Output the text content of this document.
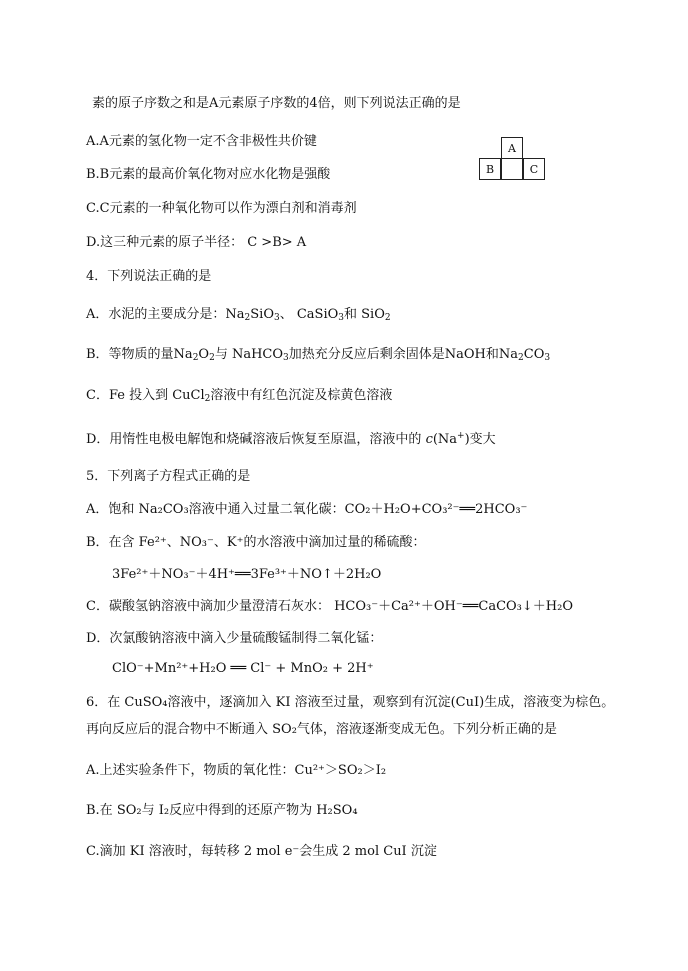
素的原子序数之和是A元素原子序数的4倍，则下列说法正确的是
A.A元素的氢化物一定不含非极性共价键
B.B元素的最高价氧化物对应水化物是强酸
C.C元素的一种氧化物可以作为漂白剂和消毒剂
D.这三种元素的原子半径： C >B> A
A
B	C
4．下列说法正确的是
A．水泥的主要成分是：$Na_2SiO_3$、 CaSiO$_3$和 SiO$_2$
B．等物质的量$Na_2O_2$与 NaHCO$_3$加热充分反应后剩余固体是NaOH和$Na_2CO_3$
C．Fe 投入到 CuCl$_2$溶液中有红色沉淀及棕黄色溶液
D．用惰性电极电解饱和烧碱溶液后恢复至原温，溶液中的 c(Na+)变大
5．下列离子方程式正确的是
A．饱和 Na₂CO₃溶液中通入过量二氧化碳：CO₂＋H₂O+CO₃²⁻══2HCO₃⁻
B．在含 Fe²⁺、NO₃⁻、K⁺的水溶液中滴加过量的稀硫酸：
3Fe²⁺＋NO₃⁻＋4H⁺══3Fe³⁺＋NO↑＋2H₂O
C．碳酸氢钠溶液中滴加少量澄清石灰水： HCO₃⁻＋Ca²⁺＋OH⁻══CaCO₃↓＋H₂O
D．次氯酸钠溶液中滴入少量硫酸锰制得二氧化锰：
ClO⁻+Mn²⁺+H₂O ══ Cl⁻ + MnO₂ + 2H⁺
6．在 CuSO₄溶液中，逐滴加入 KI 溶液至过量，观察到有沉淀(CuI)生成，溶液变为棕色。
再向反应后的混合物中不断通入 SO₂气体，溶液逐渐变成无色。下列分析正确的是
A.上述实验条件下，物质的氧化性：Cu²⁺＞SO₂＞I₂
B.在 SO₂与 I₂反应中得到的还原产物为 H₂SO₄
C.滴加 KI 溶液时，每转移 2 mol e⁻会生成 2 mol CuI 沉淀
